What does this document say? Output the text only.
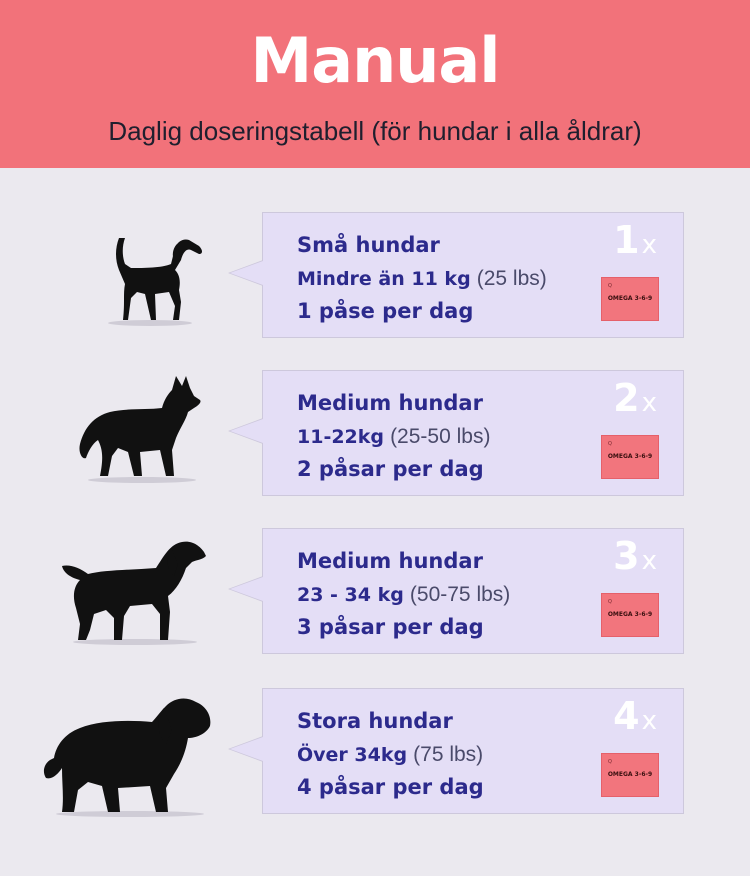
Manual
Daglig doseringstabell (för hundar i alla åldrar)
Små hundar
Mindre än 11 kg (25 lbs)
1 påse per dag
1x
Q
OMEGA 3-6-9
Medium hundar
11-22kg (25-50 lbs)
2 påsar per dag
2x
Q
OMEGA 3-6-9
Medium hundar
23 - 34 kg (50-75 lbs)
3 påsar per dag
3x
Q
OMEGA 3-6-9
Stora hundar
Över 34kg (75 lbs)
4 påsar per dag
4x
Q
OMEGA 3-6-9
